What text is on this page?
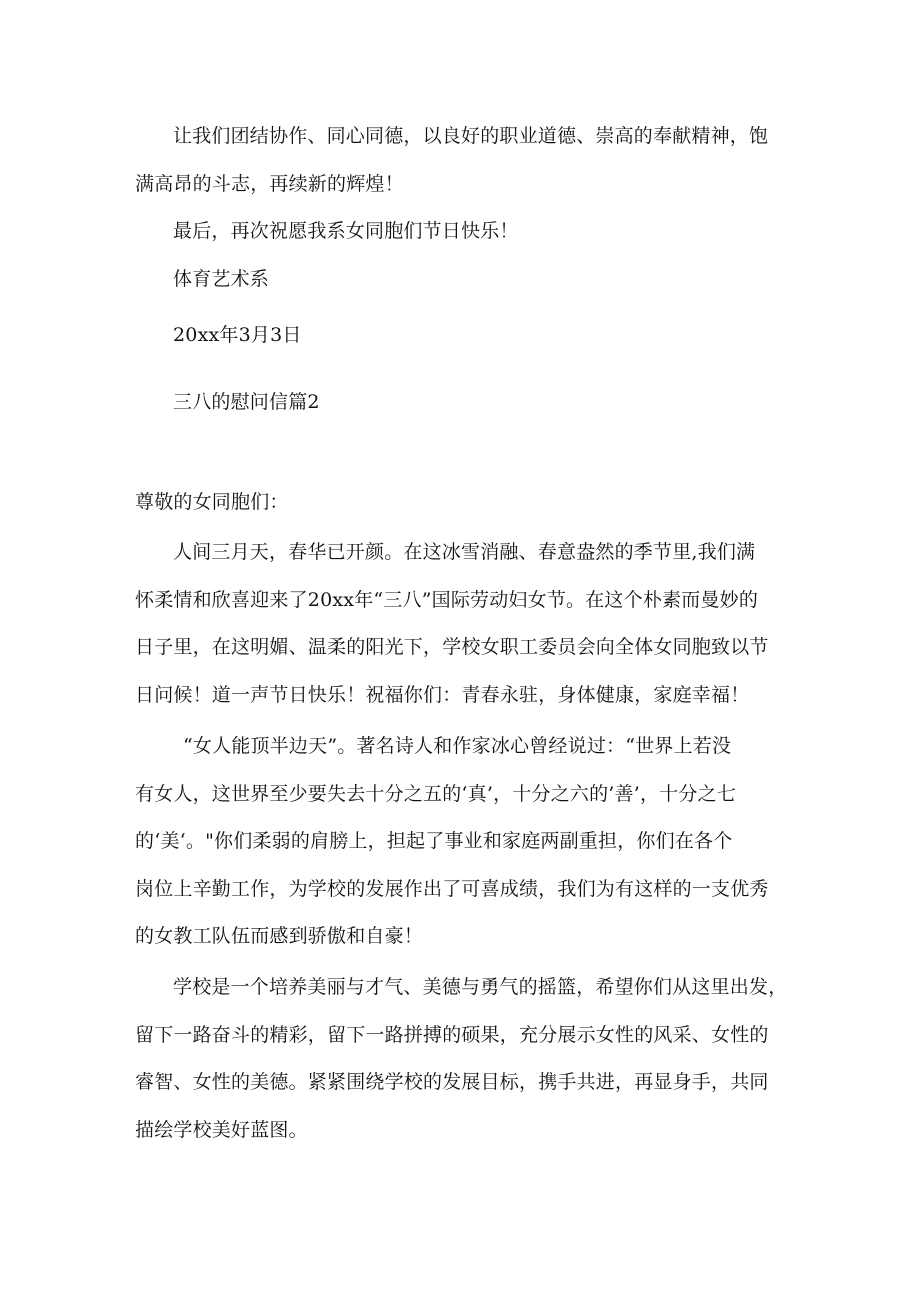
让我们团结协作、同心同德，以良好的职业道德、崇高的奉献精神，饱
满高昂的斗志，再续新的辉煌！
最后，再次祝愿我系女同胞们节日快乐！
体育艺术系
20xx年3月3日
三八的慰问信篇2
尊敬的女同胞们：
人间三月天，春华已开颜。在这冰雪消融、春意盎然的季节里,我们满
怀柔情和欣喜迎来了20xx年“三八”国际劳动妇女节。在这个朴素而曼妙的
日子里，在这明媚、温柔的阳光下，学校女职工委员会向全体女同胞致以节
日问候！道一声节日快乐！祝福你们：青春永驻，身体健康，家庭幸福！
“女人能顶半边天”。著名诗人和作家冰心曾经说过：“世界上若没
有女人，这世界至少要失去十分之五的‘真’，十分之六的’善’，十分之七
的‘美‘。"你们柔弱的肩膀上，担起了事业和家庭两副重担，你们在各个
岗位上辛勤工作，为学校的发展作出了可喜成绩，我们为有这样的一支优秀
的女教工队伍而感到骄傲和自豪！
学校是一个培养美丽与才气、美德与勇气的摇篮，希望你们从这里出发，
留下一路奋斗的精彩，留下一路拼搏的硕果，充分展示女性的风采、女性的
睿智、女性的美德。紧紧围绕学校的发展目标，携手共进，再显身手，共同
描绘学校美好蓝图。
